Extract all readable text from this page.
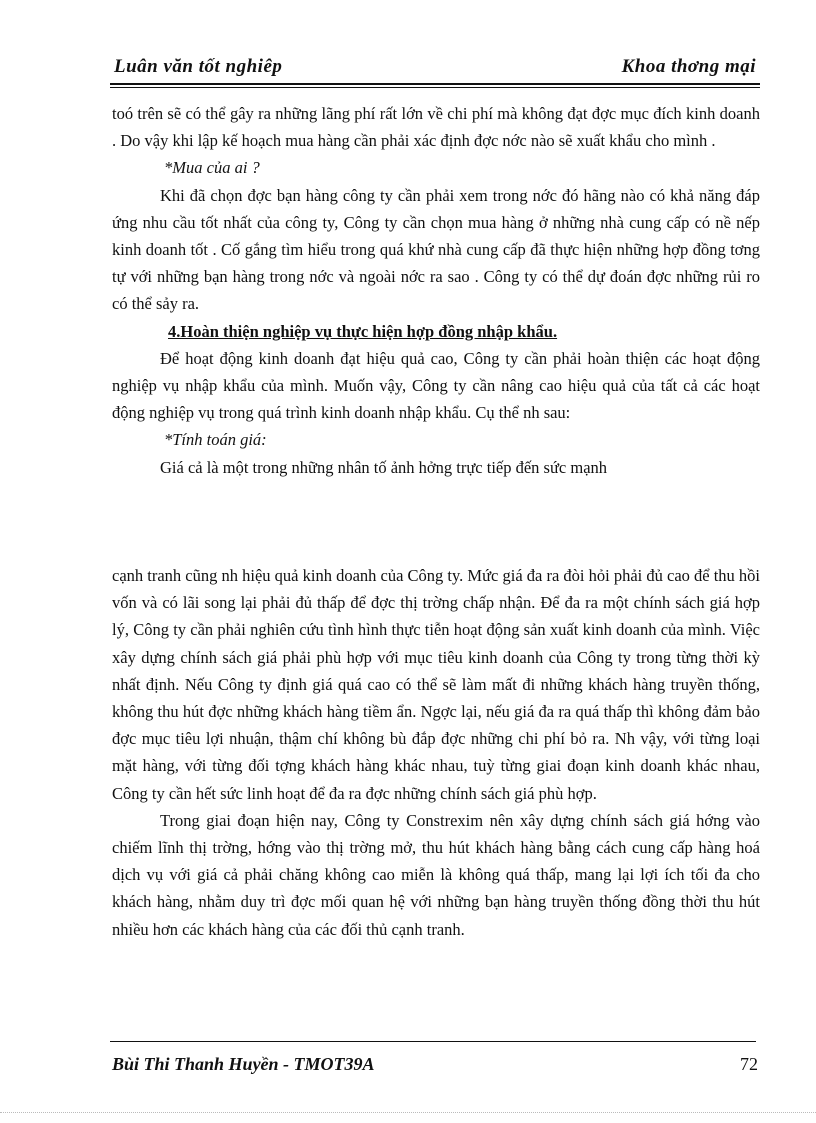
Luân văn tốt nghiêp	Khoa thơng mại

toó trên sẽ có thể gây ra những lãng phí rất lớn về chi phí mà không đạt đợc mục đích kinh doanh . Do vậy khi lập kế hoạch mua hàng cần phải xác định đợc nớc nào sẽ xuất khẩu cho mình .

*Mua của ai ?

Khi đã chọn đợc bạn hàng công ty cần phải xem trong nớc đó hãng nào có khả năng đáp ứng nhu cầu tốt nhất của công ty, Công ty cần chọn mua hàng ở những nhà cung cấp có nề nếp kinh doanh tốt . Cố gắng tìm hiểu trong quá khứ nhà cung cấp đã thực hiện những hợp đồng tơng tự với những bạn hàng trong nớc và ngoài nớc ra sao . Công ty có thể dự đoán đợc những rủi ro có thể sảy ra.

4.Hoàn thiện nghiệp vụ thực hiện hợp đồng nhập khẩu.

Để hoạt động kinh doanh đạt hiệu quả cao, Công ty cần phải hoàn thiện các hoạt động nghiệp vụ nhập khẩu của mình. Muốn vậy, Công ty cần nâng cao hiệu quả của tất cả các hoạt động nghiệp vụ trong quá trình kinh doanh nhập khẩu. Cụ thể nh sau:

*Tính toán giá:

Giá cả là một trong những nhân tố ảnh hởng trực tiếp đến sức mạnh

cạnh tranh cũng nh hiệu quả kinh doanh của Công ty. Mức giá đa ra đòi hỏi phải đủ cao để thu hồi vốn và có lãi song lại phải đủ thấp để đợc thị trờng chấp nhận. Để đa ra một chính sách giá hợp lý, Công ty cần phải nghiên cứu tình hình thực tiễn hoạt động sản xuất kinh doanh của mình. Việc xây dựng chính sách giá phải phù hợp với mục tiêu kinh doanh của Công ty trong từng thời kỳ nhất định. Nếu Công ty định giá quá cao có thể sẽ làm mất đi những khách hàng truyền thống, không thu hút đợc những khách hàng tiềm ẩn. Ngợc lại, nếu giá đa ra quá thấp thì không đảm bảo đợc mục tiêu lợi nhuận, thậm chí không bù đắp đợc những chi phí bỏ ra. Nh vậy, với từng loại mặt hàng, với từng đối tợng khách hàng khác nhau, tuỳ từng giai đoạn kinh doanh khác nhau, Công ty cần hết sức linh hoạt để đa ra đợc những chính sách giá phù hợp.

Trong giai đoạn hiện nay, Công ty Constrexim nên xây dựng chính sách giá hớng vào chiếm lĩnh thị trờng, hớng vào thị trờng mở, thu hút khách hàng bằng cách cung cấp hàng hoá dịch vụ với giá cả phải chăng không cao miễn là không quá thấp, mang lại lợi ích tối đa cho khách hàng, nhằm duy trì đợc mối quan hệ với những bạn hàng truyền thống đồng thời thu hút nhiều hơn các khách hàng của các đối thủ cạnh tranh.

Bùi Thi Thanh Huyền - TMOT39A	72
